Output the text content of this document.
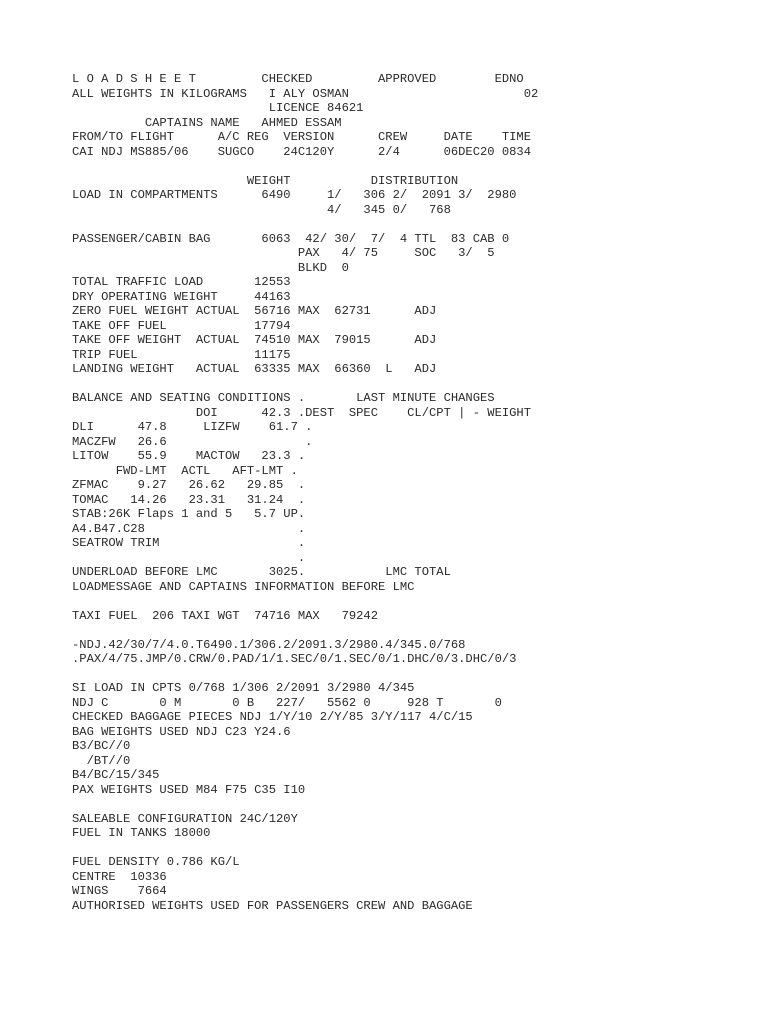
L O A D S H E E T         CHECKED         APPROVED        EDNO
ALL WEIGHTS IN KILOGRAMS   I ALY OSMAN                        02
LICENCE 84621
CAPTAINS NAME   AHMED ESSAM
FROM/TO FLIGHT      A/C REG  VERSION      CREW     DATE    TIME
CAI NDJ MS885/06    SUGCO    24C120Y      2/4      06DEC20 0834
WEIGHT           DISTRIBUTION
LOAD IN COMPARTMENTS      6490     1/   306 2/  2091 3/  2980
4/   345 0/   768
PASSENGER/CABIN BAG       6063  42/ 30/  7/  4 TTL  83 CAB 0
PAX   4/ 75     SOC   3/  5
BLKD  0
TOTAL TRAFFIC LOAD       12553
DRY OPERATING WEIGHT     44163
ZERO FUEL WEIGHT ACTUAL  56716 MAX  62731      ADJ
TAKE OFF FUEL            17794
TAKE OFF WEIGHT  ACTUAL  74510 MAX  79015      ADJ
TRIP FUEL                11175
LANDING WEIGHT   ACTUAL  63335 MAX  66360  L   ADJ
BALANCE AND SEATING CONDITIONS .       LAST MINUTE CHANGES
DOI      42.3 .DEST  SPEC    CL/CPT | - WEIGHT
DLI      47.8     LIZFW    61.7 .
MACZFW   26.6                   .
LITOW    55.9    MACTOW   23.3 .
FWD-LMT  ACTL   AFT-LMT .
ZFMAC    9.27   26.62   29.85  .
TOMAC   14.26   23.31   31.24  .
STAB:26K Flaps 1 and 5   5.7 UP.
A4.B47.C28                     .
SEATROW TRIM                   .
.
UNDERLOAD BEFORE LMC       3025.           LMC TOTAL
LOADMESSAGE AND CAPTAINS INFORMATION BEFORE LMC
TAXI FUEL  206 TAXI WGT  74716 MAX   79242
-NDJ.42/30/7/4.0.T6490.1/306.2/2091.3/2980.4/345.0/768
.PAX/4/75.JMP/0.CRW/0.PAD/1/1.SEC/0/1.SEC/0/1.DHC/0/3.DHC/0/3
SI LOAD IN CPTS 0/768 1/306 2/2091 3/2980 4/345
NDJ C       0 M       0 B   227/   5562 0     928 T       0
CHECKED BAGGAGE PIECES NDJ 1/Y/10 2/Y/85 3/Y/117 4/C/15
BAG WEIGHTS USED NDJ C23 Y24.6
B3/BC//0
/BT//0
B4/BC/15/345
PAX WEIGHTS USED M84 F75 C35 I10
SALEABLE CONFIGURATION 24C/120Y
FUEL IN TANKS 18000
FUEL DENSITY 0.786 KG/L
CENTRE  10336
WINGS    7664
AUTHORISED WEIGHTS USED FOR PASSENGERS CREW AND BAGGAGE
